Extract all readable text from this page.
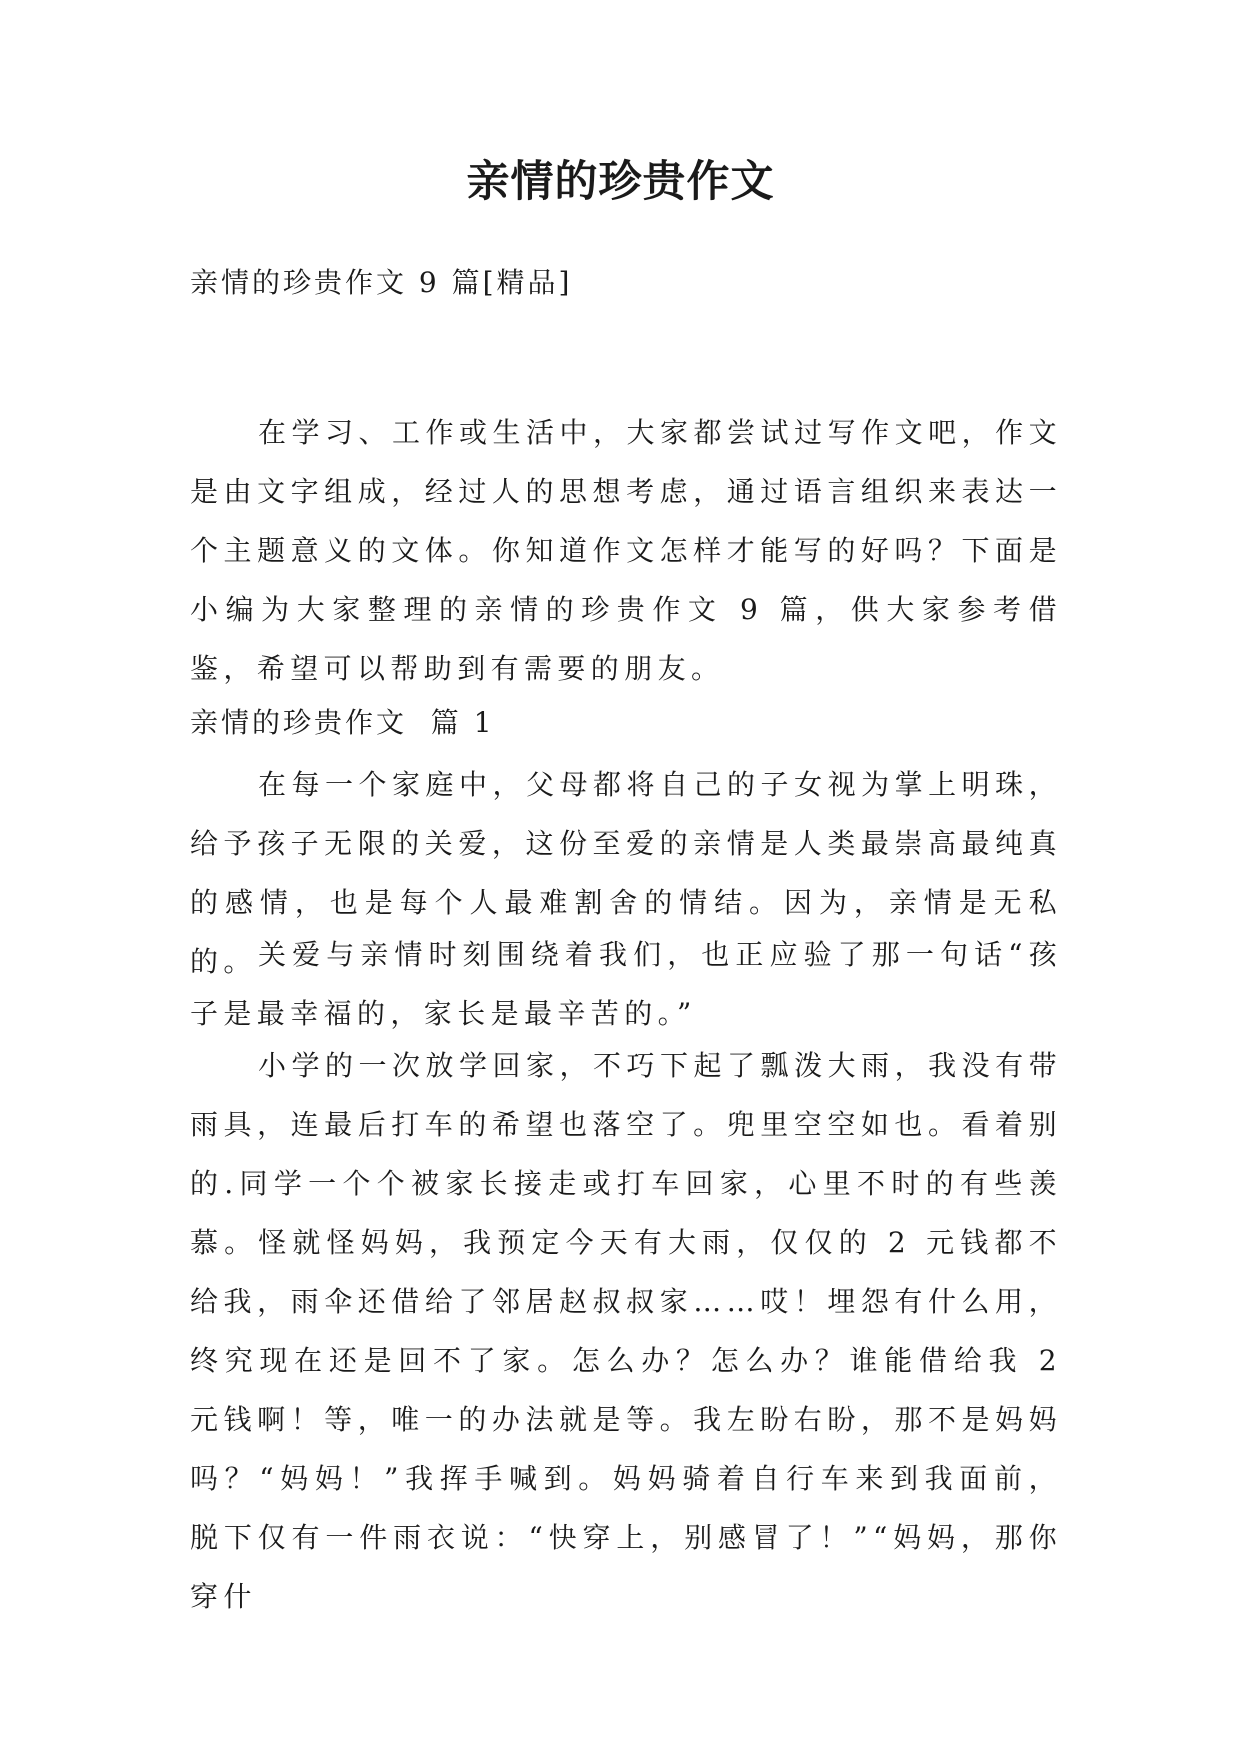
亲情的珍贵作文

亲情的珍贵作文 9 篇[精品]

在学习、工作或生活中，大家都尝试过写作文吧，作文是由文字组成，经过人的思想考虑，通过语言组织来表达一个主题意义的文体。你知道作文怎样才能写的好吗？下面是小编为大家整理的亲情的珍贵作文 9 篇，供大家参考借鉴，希望可以帮助到有需要的朋友。

亲情的珍贵作文  篇 1

在每一个家庭中，父母都将自己的子女视为掌上明珠，给予孩子无限的关爱，这份至爱的亲情是人类最崇高最纯真的感情，也是每个人最难割舍的情结。因为，亲情是无私的。 关爱与亲情时刻围绕着我们，也正应验了那一句话“孩子是最幸福的，家长是最辛苦的。”

小学的一次放学回家，不巧下起了瓢泼大雨，我没有带雨具，连最后打车的希望也落空了。兜里空空如也。看着别的.同学一个个被家长接走或打车回家，心里不时的有些羡慕。怪就怪妈妈，我预定今天有大雨，仅仅的 2 元钱都不给我，雨伞还借给了邻居赵叔叔家……哎！埋怨有什么用，终究现在还是回不了家。怎么办？怎么办？谁能借给我 2 元钱啊！等，唯一的办法就是等。我左盼右盼，那不是妈妈吗？“妈妈！”我挥手喊到。妈妈骑着自行车来到我面前，脱下仅有一件雨衣说：“快穿上，别感冒了！”“妈妈，那你穿什
